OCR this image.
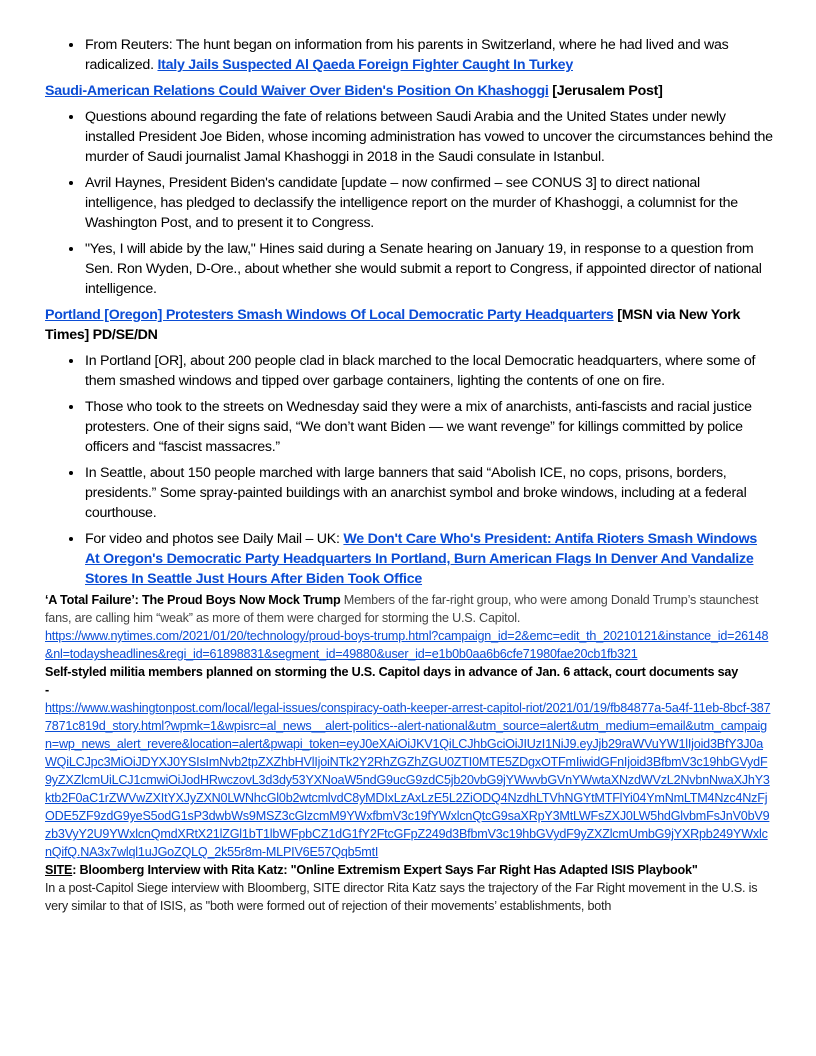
From Reuters: The hunt began on information from his parents in Switzerland, where he had lived and was radicalized. Italy Jails Suspected Al Qaeda Foreign Fighter Caught In Turkey
Saudi-American Relations Could Waiver Over Biden's Position On Khashoggi [Jerusalem Post]
Questions abound regarding the fate of relations between Saudi Arabia and the United States under newly installed President Joe Biden, whose incoming administration has vowed to uncover the circumstances behind the murder of Saudi journalist Jamal Khashoggi in 2018 in the Saudi consulate in Istanbul.
Avril Haynes, President Biden's candidate [update – now confirmed – see CONUS 3] to direct national intelligence, has pledged to declassify the intelligence report on the murder of Khashoggi, a columnist for the Washington Post, and to present it to Congress.
"Yes, I will abide by the law," Hines said during a Senate hearing on January 19, in response to a question from Sen. Ron Wyden, D-Ore., about whether she would submit a report to Congress, if appointed director of national intelligence.
Portland [Oregon] Protesters Smash Windows Of Local Democratic Party Headquarters [MSN via New York Times] PD/SE/DN
In Portland [OR], about 200 people clad in black marched to the local Democratic headquarters, where some of them smashed windows and tipped over garbage containers, lighting the contents of one on fire.
Those who took to the streets on Wednesday said they were a mix of anarchists, anti-fascists and racial justice protesters. One of their signs said, “We don’t want Biden — we want revenge” for killings committed by police officers and “fascist massacres.”
In Seattle, about 150 people marched with large banners that said “Abolish ICE, no cops, prisons, borders, presidents.” Some spray-painted buildings with an anarchist symbol and broke windows, including at a federal courthouse.
For video and photos see Daily Mail – UK: We Don't Care Who's President: Antifa Rioters Smash Windows At Oregon's Democratic Party Headquarters In Portland, Burn American Flags In Denver And Vandalize Stores In Seattle Just Hours After Biden Took Office
‘A Total Failure’: The Proud Boys Now Mock Trump Members of the far-right group, who were among Donald Trump’s staunchest fans, are calling him “weak” as more of them were charged for storming the U.S. Capitol.
https://www.nytimes.com/2021/01/20/technology/proud-boys-trump.html?campaign_id=2&emc=edit_th_20210121&instance_id=26148&nl=todaysheadlines&regi_id=61898831&segment_id=49880&user_id=e1b0b0aa6b6cfe71980fae20cb1fb321
Self-styled militia members planned on storming the U.S. Capitol days in advance of Jan. 6 attack, court documents say
-
https://www.washingtonpost.com/local/legal-issues/conspiracy-oath-keeper-arrest-capitol-riot/2021/01/19/fb84877a-5a4f-11eb-8bcf-3877871c819d_story.html?wpmk=1&wpisrc=al_news__alert-politics--alert-national&utm_source=alert&utm_medium=email&utm_campaign=wp_news_alert_revere&location=alert&pwapi_token=eyJ0eXAiOiJKV1QiLCJhbGciOiJIUzI1NiJ9.eyJjb29raWVuYW1lIjoid3BfY3J0aWQiLCJpc3MiOiJDYXJ0YSIsImNvb2tpZXZhbHVlIjoiNTk2Y2RhZGZhZGU0ZTI0MTE5ZDgxOTFmIiwidGFnIjoid3BfbmV3c19hbGVydF9yZXZlcmUiLCJ1cmwiOiJodHRwczovL3d3dy53YXNoaW5ndG9ucG9zdC5jb20vbG9jYWwvbGVnYWwtaXNzdWVzL2NvbnNwaXJhY3ktb2F0aC1rZWVwZXItYXJyZXN0LWNhcGl0b2wtcmlvdC8yMDIxLzAxLzE5L2ZiODQ4NzdhLTVhNGYtMTFlYi04YmNmLTM4Nzc4NzFjODE5ZF9zdG9yeS5odG1sP3dwbWs9MSZ3cGlzcmM9YWxfbmV3c19fYWxlcnQtcG9saXRpY3MtLWFsZXJ0LW5hdGlvbmFsJnV0bV9zb3VyY2U9YWxlcnQmdXRtX21lZGl1bT1lbWFpbCZ1dG1fY2FtcGFpZ249d3BfbmV3c19hbGVydF9yZXZlcmUmbG9jYXRpb249YWxlcnQifQ.NA3x7wlql1uJGoZQLQ_2k55r8m-MLPIV6E57Qqb5mtI
SITE: Bloomberg Interview with Rita Katz: "Online Extremism Expert Says Far Right Has Adapted ISIS Playbook"
In a post-Capitol Siege interview with Bloomberg, SITE director Rita Katz says the trajectory of the Far Right movement in the U.S. is very similar to that of ISIS, as "both were formed out of rejection of their movements’ establishments, both
